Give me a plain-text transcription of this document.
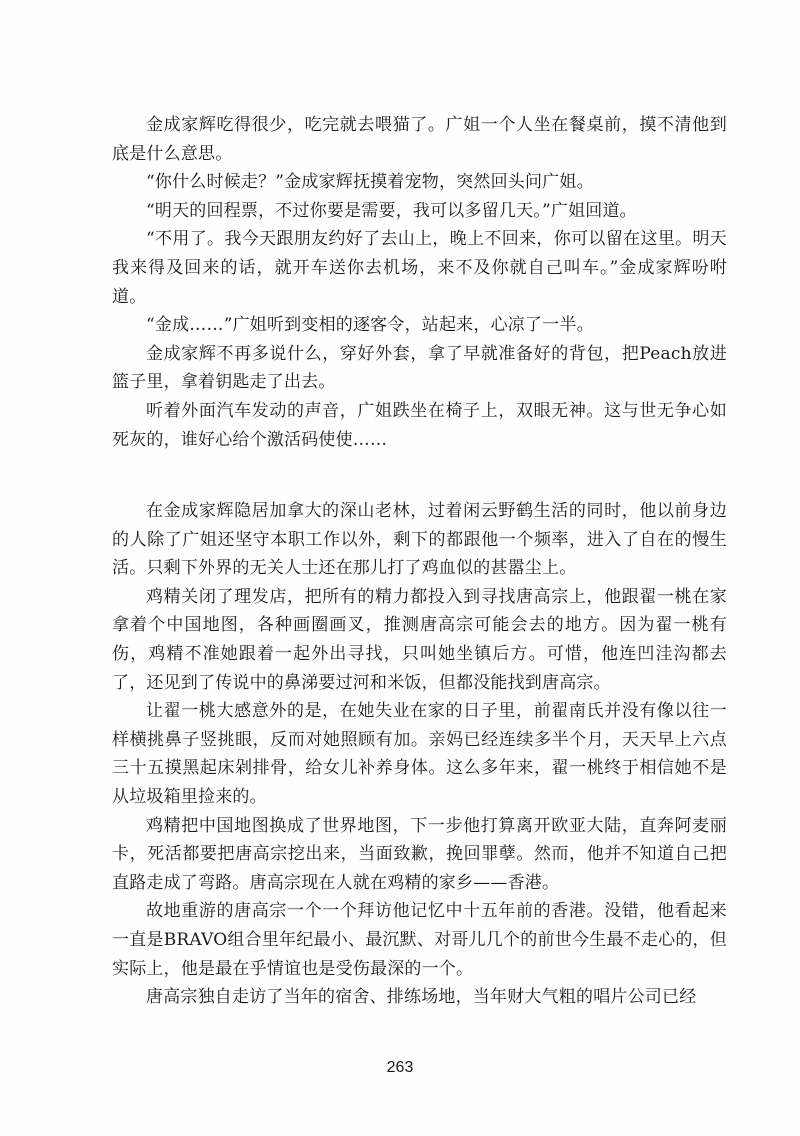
金成家辉吃得很少，吃完就去喂猫了。广姐一个人坐在餐桌前，摸不清他到底是什么意思。

“你什么时候走？”金成家辉抚摸着宠物，突然回头问广姐。

“明天的回程票，不过你要是需要，我可以多留几天。”广姐回道。

“不用了。我今天跟朋友约好了去山上，晚上不回来，你可以留在这里。明天我来得及回来的话，就开车送你去机场，来不及你就自己叫车。”金成家辉吩咐道。

“金成……”广姐听到变相的逐客令，站起来，心凉了一半。

金成家辉不再多说什么，穿好外套，拿了早就准备好的背包，把Peach放进篮子里，拿着钥匙走了出去。

听着外面汽车发动的声音，广姐跌坐在椅子上，双眼无神。这与世无争心如死灰的，谁好心给个激活码使使……

在金成家辉隐居加拿大的深山老林，过着闲云野鹤生活的同时，他以前身边的人除了广姐还坚守本职工作以外，剩下的都跟他一个频率，进入了自在的慢生活。只剩下外界的无关人士还在那儿打了鸡血似的甚嚣尘上。

鸡精关闭了理发店，把所有的精力都投入到寻找唐高宗上，他跟翟一桃在家拿着个中国地图，各种画圈画叉，推测唐高宗可能会去的地方。因为翟一桃有伤，鸡精不准她跟着一起外出寻找，只叫她坐镇后方。可惜，他连凹洼沟都去了，还见到了传说中的鼻涕要过河和米饭，但都没能找到唐高宗。

让翟一桃大感意外的是，在她失业在家的日子里，前翟南氏并没有像以往一样横挑鼻子竖挑眼，反而对她照顾有加。亲妈已经连续多半个月，天天早上六点三十五摸黑起床剁排骨，给女儿补养身体。这么多年来，翟一桃终于相信她不是从垃圾箱里捡来的。

鸡精把中国地图换成了世界地图，下一步他打算离开欧亚大陆，直奔阿麦丽卡，死活都要把唐高宗挖出来，当面致歉，挽回罪孽。然而，他并不知道自己把直路走成了弯路。唐高宗现在人就在鸡精的家乡——香港。

故地重游的唐高宗一个一个拜访他记忆中十五年前的香港。没错，他看起来一直是BRAVO组合里年纪最小、最沉默、对哥儿几个的前世今生最不走心的，但实际上，他是最在乎情谊也是受伤最深的一个。

唐高宗独自走访了当年的宿舍、排练场地，当年财大气粗的唱片公司已经

263
